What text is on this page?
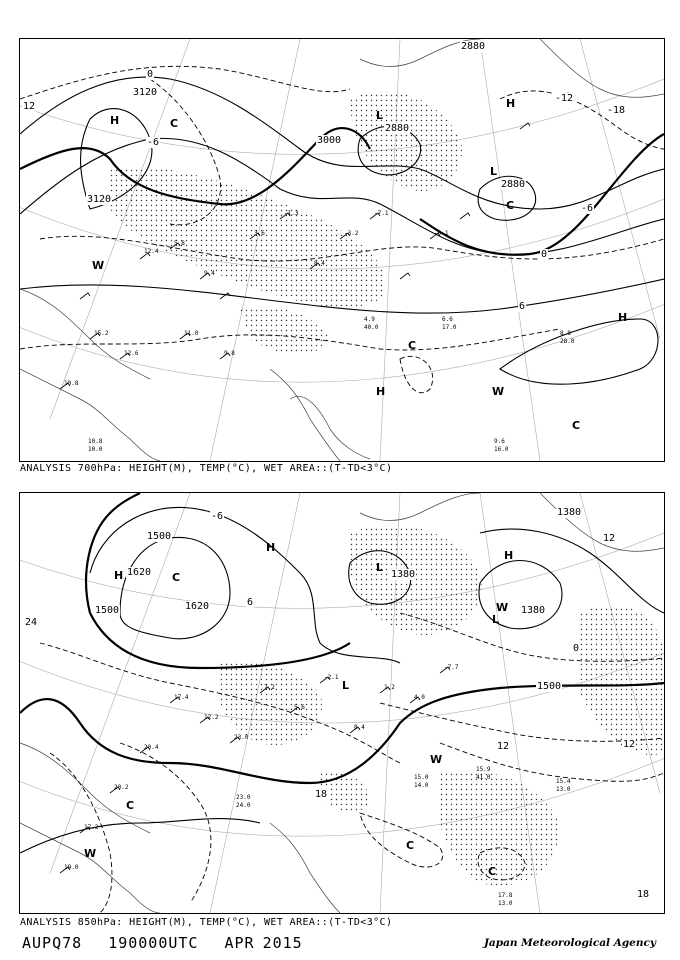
12.4
5.8
9.4
3.6
-1.3
8.4
-3.2
-7.1
-0.1
15.2
12.6
10.8
11.0
9.8
9.6
16.0
10.8
10.0
8.8
28.0
6.6
17.0
4.9
40.0
H
H
H
H
L
L
C
C
C
C
W
W
3120
3120
3000
2880
2880
2880
-18
-12
-6
0
6
12
0
-6
ANALYSIS 700hPa: HEIGHT(M), TEMP(°C), WET AREA::(T-TD<3°C)
17.4
12.2
23.0
7.2
5.6
-2.1
8.4
1.2
4.0
-7.7
20.4
20.2
17.2
19.0
17.8
13.0
15.4
13.0
15.9
41.0
15.0
14.0
23.0
24.0
H
H
H
L
L
L
C
C
C
C
W
W
W
1500
1500
1500
1620
1620
1380
1380
1380
24
18
12	12
12
6
0
-6
18
ANALYSIS 850hPa: HEIGHT(M), TEMP(°C), WET AREA::(T-TD<3°C)
AUPQ78 190000UTC APR 2015	Japan Meteorological Agency
